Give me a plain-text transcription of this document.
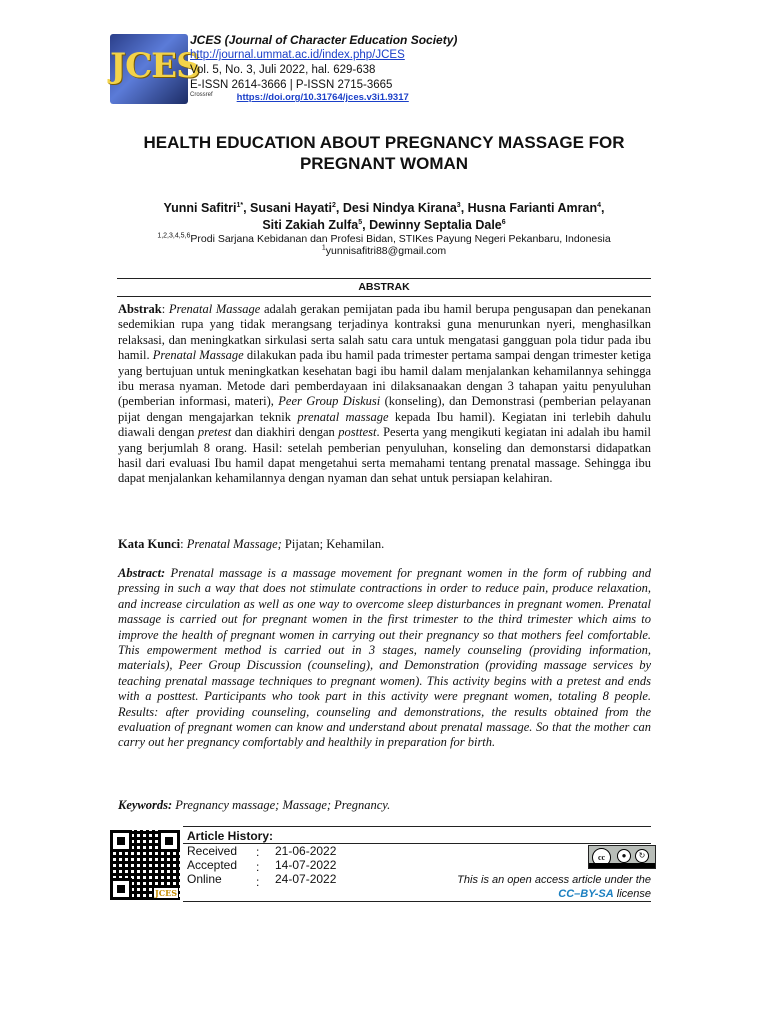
JCES
JCES (Journal of Character Education Society)
http://journal.ummat.ac.id/index.php/JCES
Vol. 5, No. 3, Juli 2022, hal. 629-638
E-ISSN 2614-3666 | P-ISSN 2715-3665
Crossref	https://doi.org/10.31764/jces.v3i1.9317
HEALTH EDUCATION ABOUT PREGNANCY MASSAGE FOR
PREGNANT WOMAN
Yunni Safitri$^{1*}$, Susani Hayati$^2$, Desi Nindya Kirana$^3$, Husna Farianti Amran$^4$,
Siti Zakiah Zulfa$^5$, Dewinny Septalia Dale$^6$
$^{1,2,3,4,5,6}$Prodi Sarjana Kebidanan dan Profesi Bidan, STIKes Payung Negeri Pekanbaru, Indonesia
$^1$yunnisafitri88@gmail.com
ABSTRAK
Abstrak: Prenatal Massage adalah gerakan pemijatan pada ibu hamil berupa pengusapan dan penekanan sedemikian rupa yang tidak merangsang terjadinya kontraksi guna menurunkan nyeri, menghasilkan relaksasi, dan meningkatkan sirkulasi serta salah satu cara untuk mengatasi gangguan pola tidur pada ibu hamil. Prenatal Massage dilakukan pada ibu hamil pada trimester pertama sampai dengan trimester ketiga yang bertujuan untuk meningkatkan kesehatan bagi ibu hamil dalam menjalankan kehamilannya sehingga ibu merasa nyaman. Metode dari pemberdayaan ini dilaksanaakan dengan 3 tahapan yaitu penyuluhan (pemberian informasi, materi), Peer Group Diskusi (konseling), dan Demonstrasi (pemberian pelayanan pijat dengan mengajarkan teknik prenatal massage kepada Ibu hamil). Kegiatan ini terlebih dahulu diawali dengan pretest dan diakhiri dengan posttest. Peserta yang mengikuti kegiatan ini adalah ibu hamil yang berjumlah 8 orang. Hasil: setelah pemberian penyuluhan, konseling dan demonstarsi didapatkan hasil dari evaluasi Ibu hamil dapat mengetahui serta memahami tentang prenatal massage. Sehingga ibu dapat menjalankan kehamilannya dengan nyaman dan sehat untuk persiapan kelahiran.
Kata Kunci: Prenatal Massage; Pijatan; Kehamilan.
Abstract: Prenatal massage is a massage movement for pregnant women in the form of rubbing and pressing in such a way that does not stimulate contractions in order to reduce pain, produce relaxation, and increase circulation as well as one way to overcome sleep disturbances in pregnant women. Prenatal massage is carried out for pregnant women in the first trimester to the third trimester which aims to improve the health of pregnant women in carrying out their pregnancy so that mothers feel comfortable. This empowerment method is carried out in 3 stages, namely counseling (providing information, materials), Peer Group Discussion (counseling), and Demonstration (providing massage services by teaching prenatal massage techniques to pregnant women). This activity begins with a pretest and ends with a posttest. Participants who took part in this activity were pregnant women, totaling 8 people. Results: after providing counseling, counseling and demonstrations, the results obtained from the evaluation of pregnant women can know and understand about prenatal massage. So that the mother can carry out her pregnancy comfortably and healthily in preparation for birth.
Keywords: Pregnancy massage; Massage; Pregnancy.
JCES
Article History:
Received : 21-06-2022
Accepted : 14-07-2022
Online	: 24-07-2022
cc	●	↻
This is an open access article under the
CC–BY-SA license
